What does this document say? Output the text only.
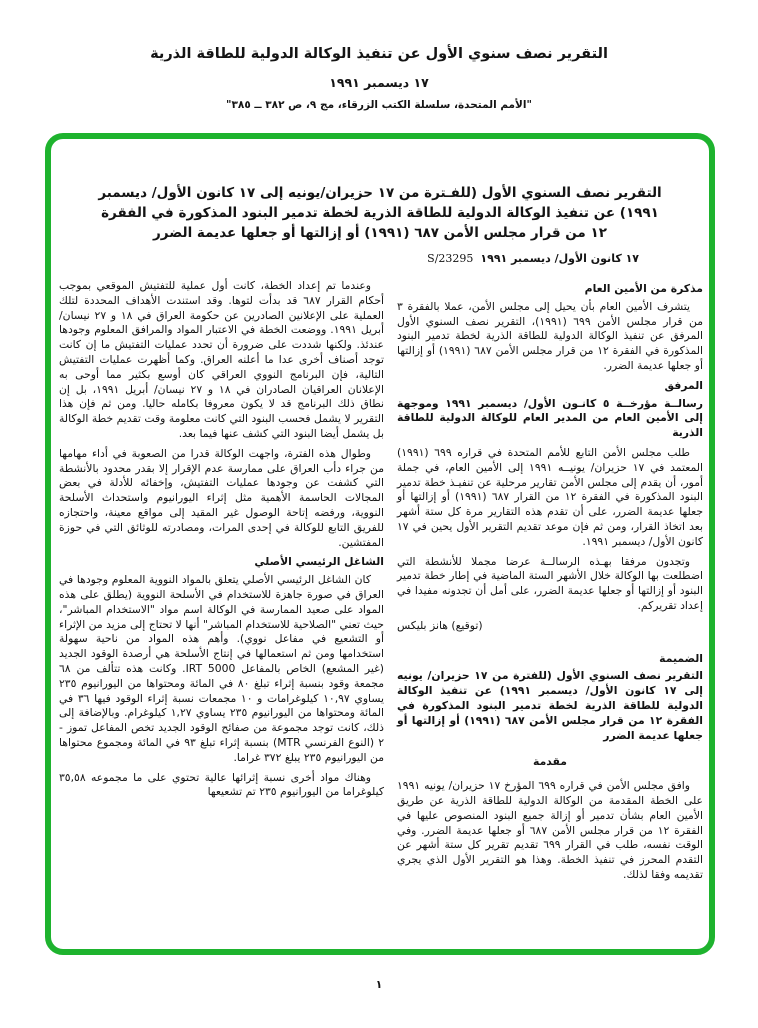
التقرير نصف سنوي الأول عن تنفيذ الوكالة الدولية للطاقة الذرية
١٧ ديسمبر ١٩٩١
"الأمم المتحدة، سلسلة الكتب الزرقاء، مج ٩، ص ٣٨٢ ــ ٣٨٥"
التقرير نصف السنوي الأول (للفـترة من ١٧ حزيران/يونيه إلى ١٧ كانون الأول/ ديسمبر ١٩٩١) عن تنفيذ الوكالة الدولية للطاقة الذرية لخطة تدمير البنود المذكورة في الفقرة ١٢ من قرار مجلس الأمن ٦٨٧ (١٩٩١) أو إزالتها أو جعلها عديمة الضرر
١٧ كانون الأول/ ديسمبر ١٩٩١
S/23295
مذكرة من الأمين العام

يتشرف الأمين العام بأن يحيل إلى مجلس الأمن، عملا بالفقرة ٣ من قرار مجلس الأمن ٦٩٩ (١٩٩١)، التقرير نصف السنوي الأول المرفق عن تنفيذ الوكالة الدولية للطاقة الذرية لخطة تدمير البنود المذكورة في الفقرة ١٢ من قرار مجلس الأمن ٦٨٧ (١٩٩١) أو إزالتها أو جعلها عديمة الضرر.

المرفق

رسالــة مؤرخــة ٥ كانـون الأول/ ديسمبر ١٩٩١ وموجهة إلى الأمين العام من المدير العام للوكالة الدولية للطاقة الذرية

طلب مجلس الأمن التابع للأمم المتحدة في قراره ٦٩٩ (١٩٩١) المعتمد في ١٧ حزيران/ يونيــه ١٩٩١ إلى الأمين العام، في جملة أمور، أن يقدم إلى مجلس الأمن تقارير مرحلية عن تنفيـذ خطة تدمير البنود المذكورة في الفقرة ١٢ من القرار ٦٨٧ (١٩٩١) أو إزالتها أو جعلها عديمة الضرر، على أن تقدم هذه التقارير مرة كل ستة أشهر بعد اتخاذ القرار، ومن ثم فإن موعد تقديم التقرير الأول يحين في ١٧ كانون الأول/ ديسمبر ١٩٩١.

وتجدون مرفقا بهـذه الرسالــة عرضا مجملا للأنشطة التي اضطلعت بها الوكالة خلال الأشهر الستة الماضية في إطار خطة تدمير البنود أو إزالتها أو جعلها عديمة الضرر، على أمل أن تجدونه مفيدا في إعداد تقريركم.

(توقيع) هانز بليكس

الضميمة

التقرير نصف السنوي الأول (للفترة من ١٧ حزيران/ يونيه إلى ١٧ كانون الأول/ ديسمبر ١٩٩١) عن تنفيذ الوكالة الدولية للطاقة الذرية لخطة تدمير البنود المذكورة في الفقرة ١٢ من قرار مجلس الأمن ٦٨٧ (١٩٩١) أو إزالتها أو جعلها عديمة الضرر

مقدمة

وافق مجلس الأمن في قراره ٦٩٩ المؤرخ ١٧ حزيران/ يونيه ١٩٩١ على الخطة المقدمة من الوكالة الدولية للطاقة الذرية عن طريق الأمين العام بشأن تدمير أو إزالة جميع البنود المنصوص عليها في الفقرة ١٢ من قرار مجلس الأمن ٦٨٧ أو جعلها عديمة الضرر. وفي الوقت نفسه، طلب في القرار ٦٩٩ تقديم تقرير كل ستة أشهر عن التقدم المحرز في تنفيذ الخطة. وهذا هو التقرير الأول الذي يجري تقديمه وفقا لذلك.

وعندما تم إعداد الخطة، كانت أول عملية للتفتيش الموقعي بموجب أحكام القرار ٦٨٧ قد بدأت لتوها. وقد استندت الأهداف المحددة لتلك العملية على الإعلانين الصادرين عن حكومة العراق في ١٨ و ٢٧ نيسان/ أبريل ١٩٩١. ووضعت الخطة في الاعتبار المواد والمرافق المعلوم وجودها عندئذ. ولكنها شددت على ضرورة أن تحدد عمليات التفتيش ما إن كانت توجد أصناف أخرى عدا ما أعلنه العراق. وكما أظهرت عمليات التفتيش التالية، فإن البرنامج النووي العراقي كان أوسع بكثير مما أوحى به الإعلانان العراقيان الصادران في ١٨ و ٢٧ نيسان/ أبريل ١٩٩١، بل إن نطاق ذلك البرنامج قد لا يكون معروفا بكامله حاليا. ومن ثم فإن هذا التقرير لا يشمل فحسب البنود التي كانت معلومة وقت تقديم خطة الوكالة بل يشمل أيضا البنود التي كشف عنها فيما بعد.

وطوال هذه الفترة، واجهت الوكالة قدرا من الصعوبة في أداء مهامها من جراء دأب العراق على ممارسة عدم الإقرار إلا بقدر محدود بالأنشطة التي كشفت عن وجودها عمليات التفتيش، وإخفائه للأدلة في بعض المجالات الحاسمة الأهمية مثل إثراء اليورانيوم واستحداث الأسلحة النووية، ورفضه إتاحة الوصول غير المقيد إلى مواقع معينة، واحتجازه للفريق التابع للوكالة في إحدى المرات، ومصادرته للوثائق التي في حوزة المفتشين.

الشاغل الرئيسي الأصلي

كان الشاغل الرئيسي الأصلي يتعلق بالمواد النووية المعلوم وجودها في العراق في صورة جاهزة للاستخدام في الأسلحة النووية (يطلق على هذه المواد على صعيد الممارسة في الوكالة اسم مواد "الاستخدام المباشر"، حيث تعني "الصلاحية للاستخدام المباشر" أنها لا تحتاج إلى مزيد من الإثراء أو التشعيع في مفاعل نووي). وأهم هذه المواد من ناحية سهولة استخدامها ومن ثم استعمالها في إنتاج الأسلحة هي أرصدة الوقود الجديد (غير المشعع) الخاص بالمفاعل IRT 5000. وكانت هذه تتألف من ٦٨ مجمعة وقود بنسبة إثراء تبلغ ٨٠ في المائة ومحتواها من اليورانيوم ٢٣٥ يساوي ١٠,٩٧ كيلوغرامات و ١٠ مجمعات نسبة إثراء الوقود فيها ٣٦ في المائة ومحتواها من اليورانيوم ٢٣٥ يساوي ١,٢٧ كيلوغرام. وبالإضافة إلى ذلك، كانت توجد مجموعة من صفائح الوقود الجديد تخص المفاعل تموز - ٢ (النوع الفرنسي MTR) بنسبة إثراء تبلغ ٩٣ في المائة ومجموع محتواها من اليورانيوم ٢٣٥ يبلغ ٣٧٢ غراما.

وهناك مواد أخرى نسبة إثرائها عالية تحتوي على ما مجموعه ٣٥,٥٨ كيلوغراما من اليورانيوم ٢٣٥ تم تشعيعها

١
